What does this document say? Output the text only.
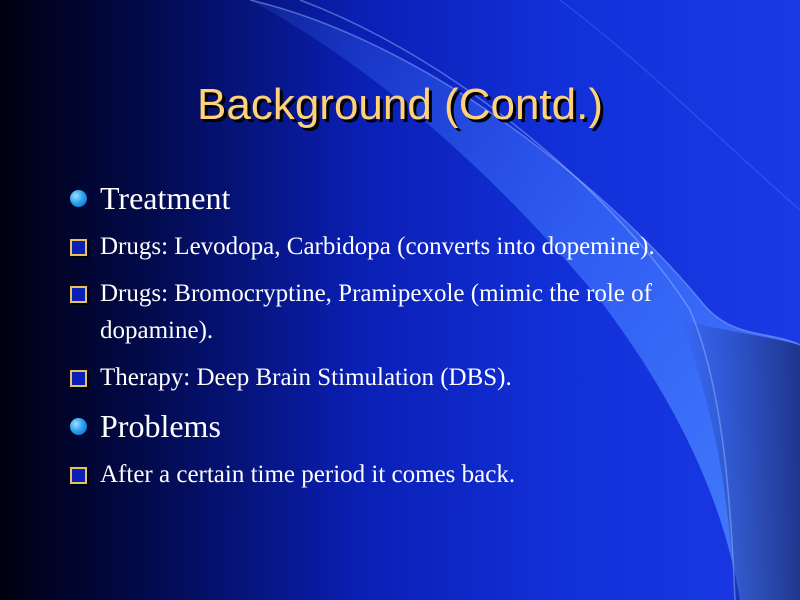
Background (Contd.)
Treatment
Drugs: Levodopa, Carbidopa (converts into dopemine).
Drugs: Bromocryptine, Pramipexole (mimic the role of dopamine).
Therapy: Deep Brain Stimulation (DBS).
Problems
After a certain time period it comes back.
